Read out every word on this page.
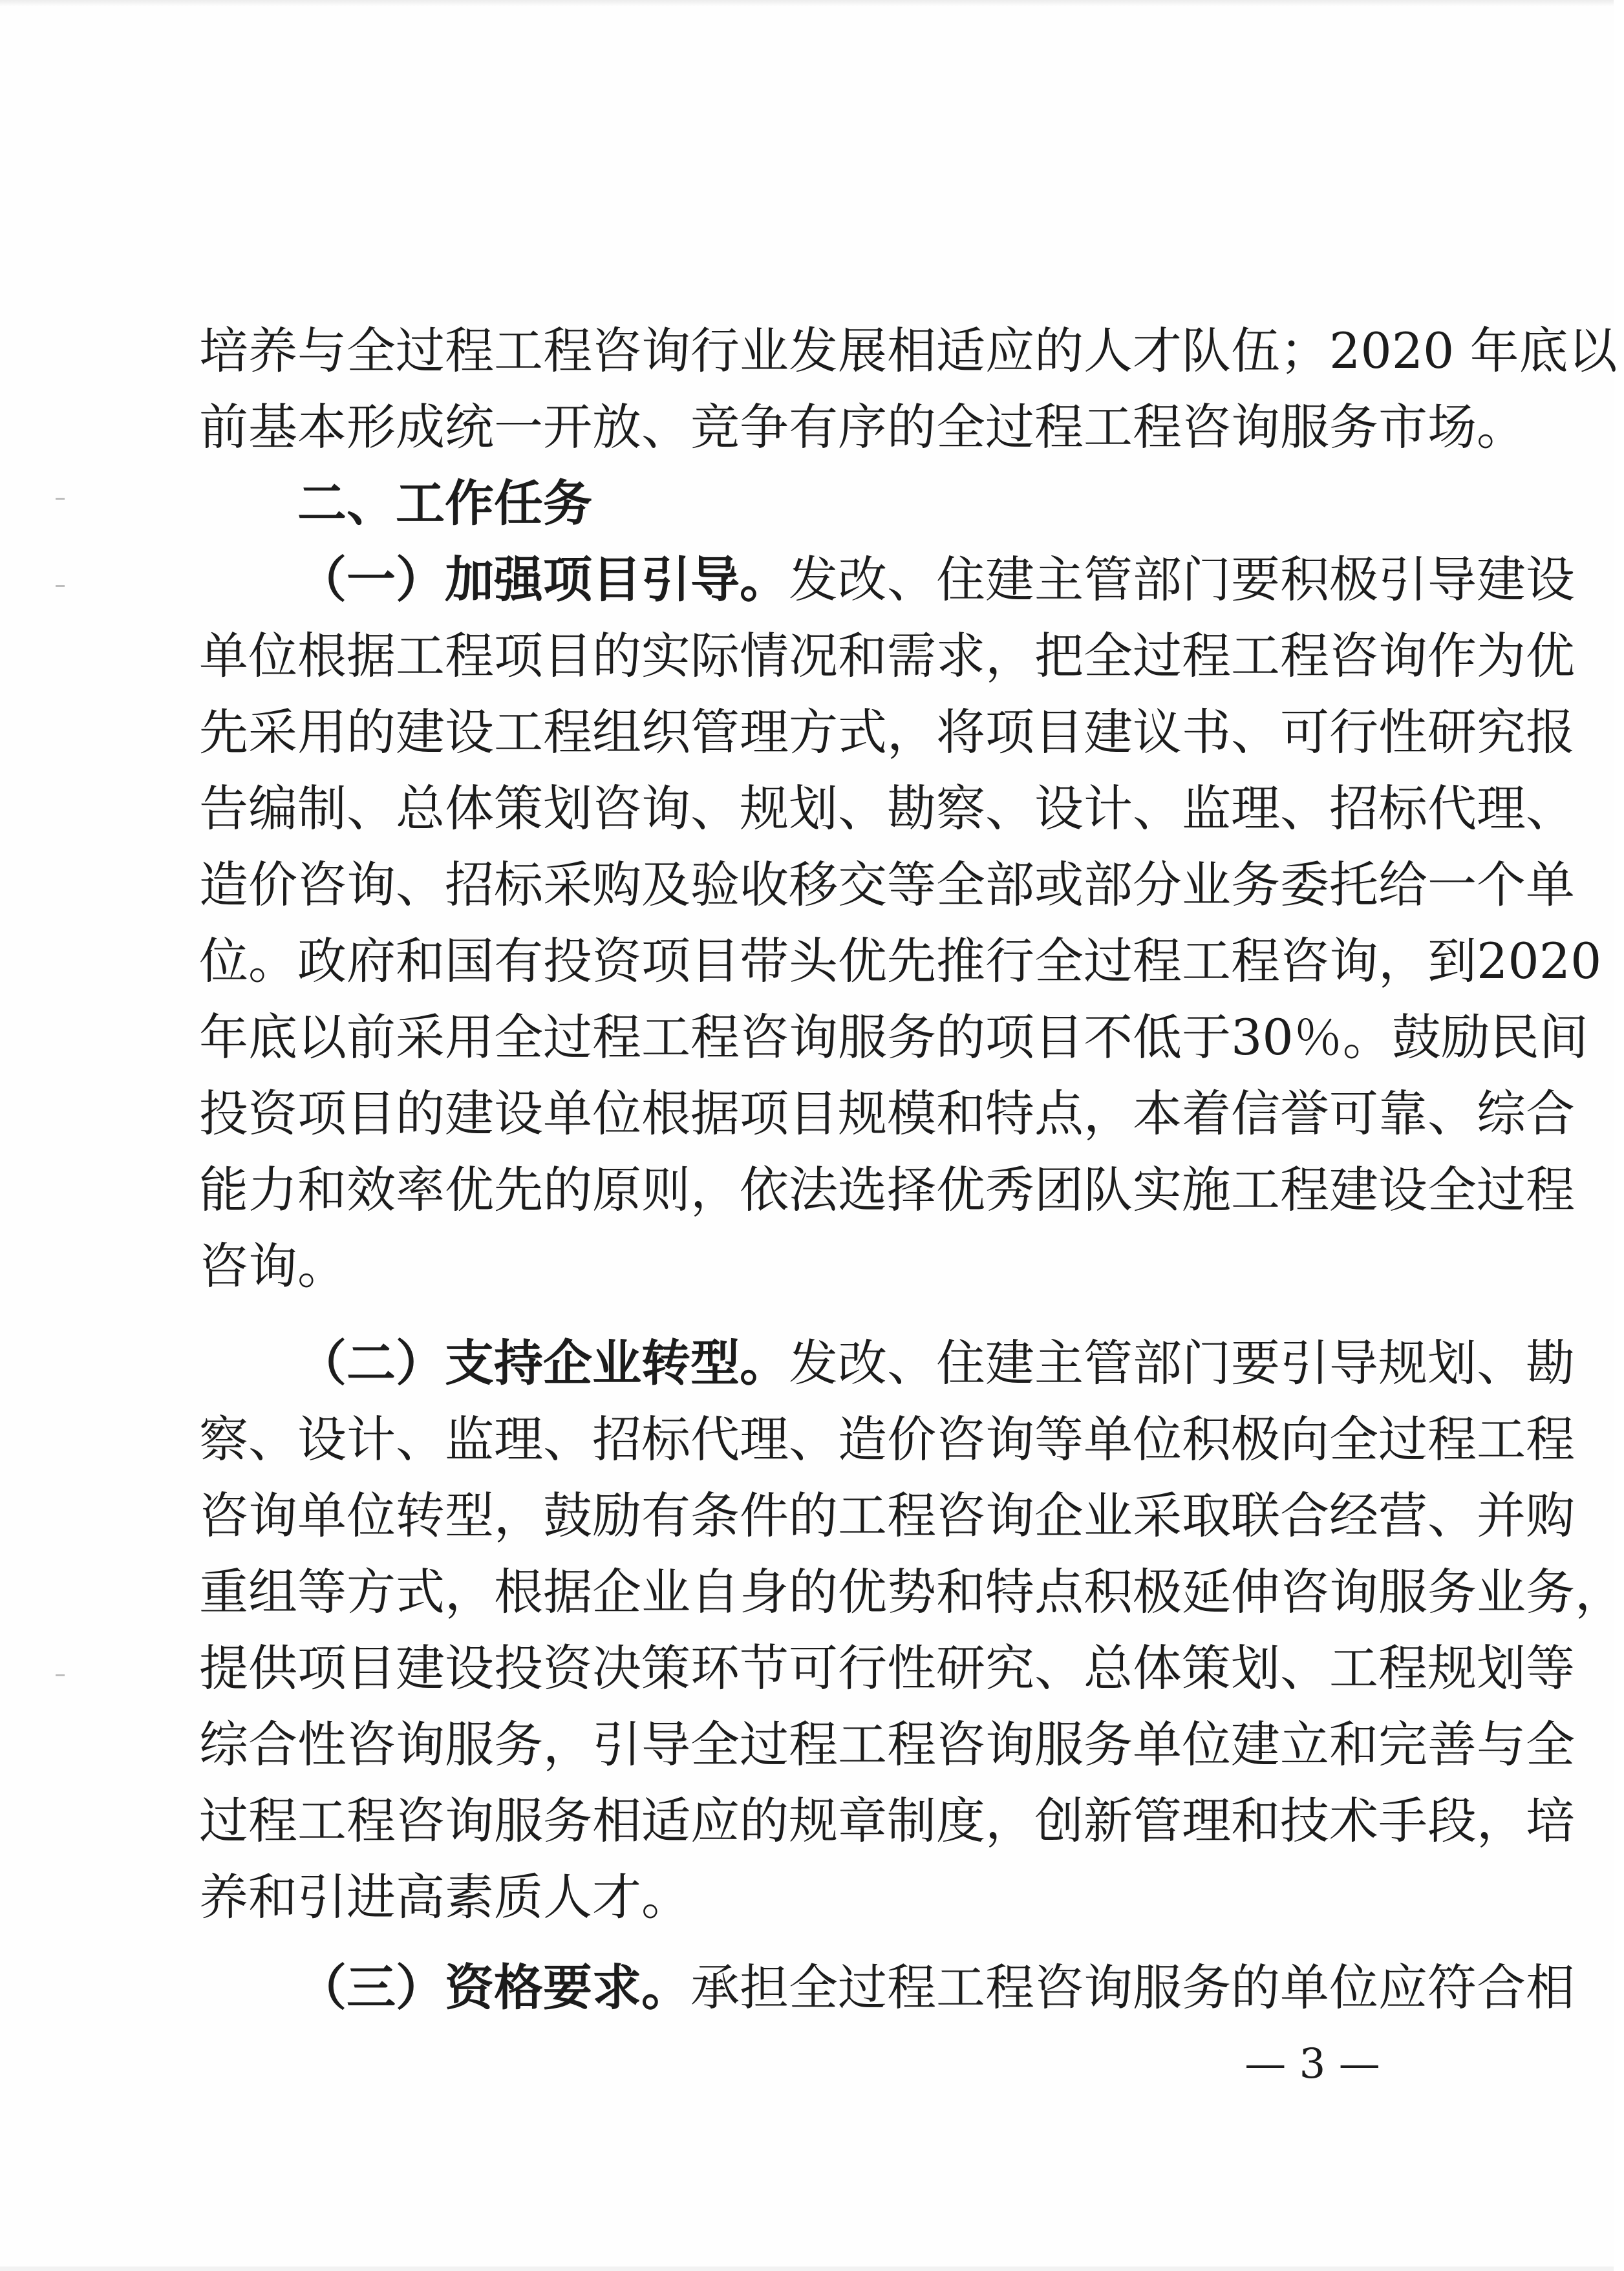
培养与全过程工程咨询行业发展相适应的人才队伍；2020 年底以
前基本形成统一开放、竞争有序的全过程工程咨询服务市场。
二、工作任务
（一）加强项目引导。发改、住建主管部门要积极引导建设
单位根据工程项目的实际情况和需求，把全过程工程咨询作为优
先采用的建设工程组织管理方式，将项目建议书、可行性研究报
告编制、总体策划咨询、规划、勘察、设计、监理、招标代理、
造价咨询、招标采购及验收移交等全部或部分业务委托给一个单
位。政府和国有投资项目带头优先推行全过程工程咨询，到2020
年底以前采用全过程工程咨询服务的项目不低于30％。鼓励民间
投资项目的建设单位根据项目规模和特点，本着信誉可靠、综合
能力和效率优先的原则，依法选择优秀团队实施工程建设全过程
咨询。
（二）支持企业转型。发改、住建主管部门要引导规划、勘
察、设计、监理、招标代理、造价咨询等单位积极向全过程工程
咨询单位转型，鼓励有条件的工程咨询企业采取联合经营、并购
重组等方式，根据企业自身的优势和特点积极延伸咨询服务业务，
提供项目建设投资决策环节可行性研究、总体策划、工程规划等
综合性咨询服务，引导全过程工程咨询服务单位建立和完善与全
过程工程咨询服务相适应的规章制度，创新管理和技术手段，培
养和引进高素质人才。
（三）资格要求。承担全过程工程咨询服务的单位应符合相
— 3 —
